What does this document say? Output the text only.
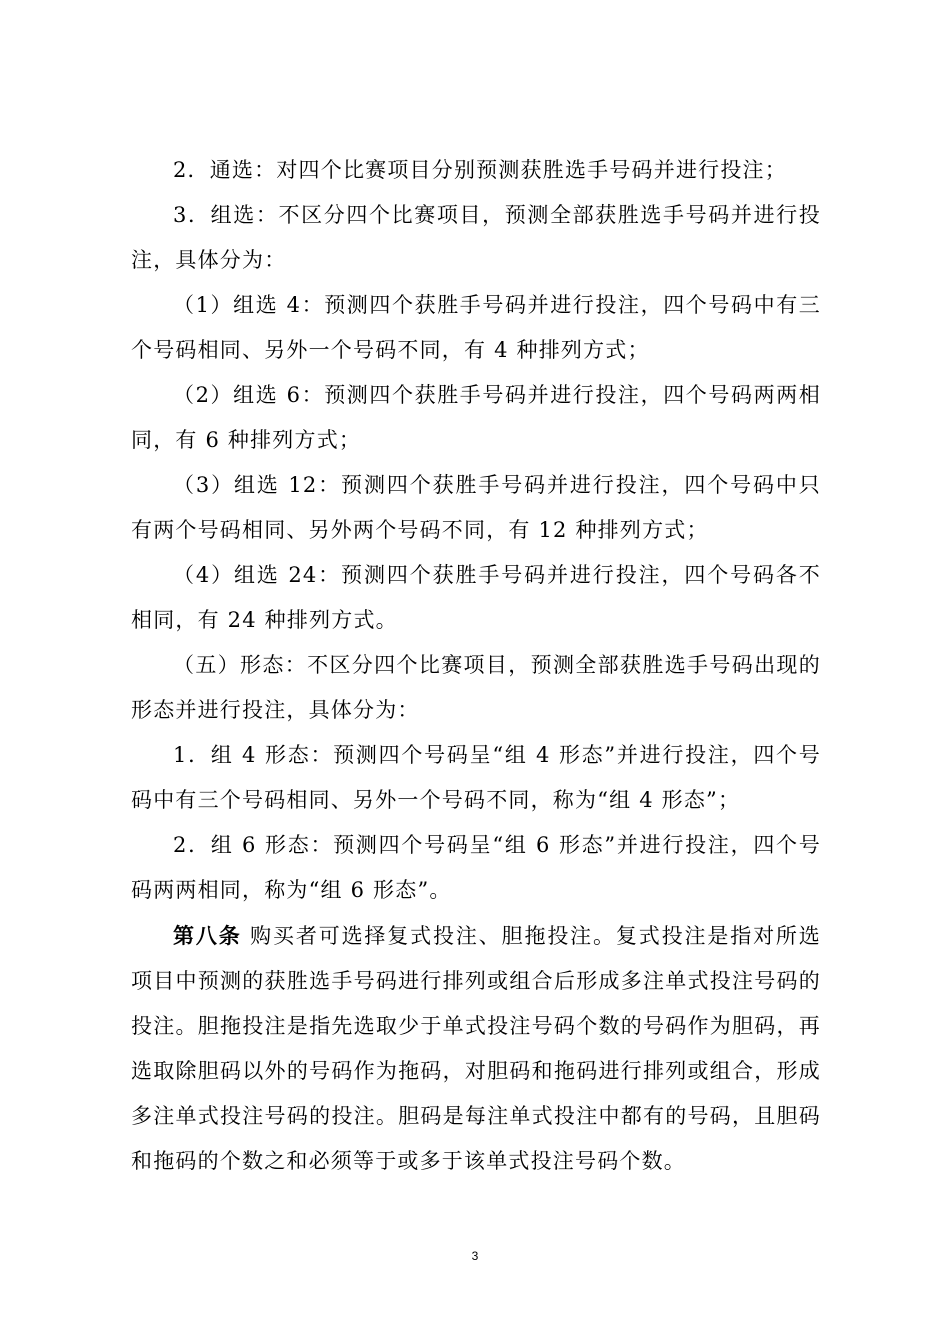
2．通选：对四个比赛项目分别预测获胜选手号码并进行投注；

3．组选：不区分四个比赛项目，预测全部获胜选手号码并进行投注，具体分为：

（1）组选 4：预测四个获胜手号码并进行投注，四个号码中有三个号码相同、另外一个号码不同，有 4 种排列方式；

（2）组选 6：预测四个获胜手号码并进行投注，四个号码两两相同，有 6 种排列方式；

（3）组选 12：预测四个获胜手号码并进行投注，四个号码中只有两个号码相同、另外两个号码不同，有 12 种排列方式；

（4）组选 24：预测四个获胜手号码并进行投注，四个号码各不相同，有 24 种排列方式。

（五）形态：不区分四个比赛项目，预测全部获胜选手号码出现的形态并进行投注，具体分为：

1．组 4 形态：预测四个号码呈“组 4 形态”并进行投注，四个号码中有三个号码相同、另外一个号码不同，称为“组 4 形态”；

2．组 6 形态：预测四个号码呈“组 6 形态”并进行投注，四个号码两两相同，称为“组 6 形态”。

第八条 购买者可选择复式投注、胆拖投注。复式投注是指对所选项目中预测的获胜选手号码进行排列或组合后形成多注单式投注号码的投注。胆拖投注是指先选取少于单式投注号码个数的号码作为胆码，再选取除胆码以外的号码作为拖码，对胆码和拖码进行排列或组合，形成多注单式投注号码的投注。胆码是每注单式投注中都有的号码，且胆码和拖码的个数之和必须等于或多于该单式投注号码个数。

3
